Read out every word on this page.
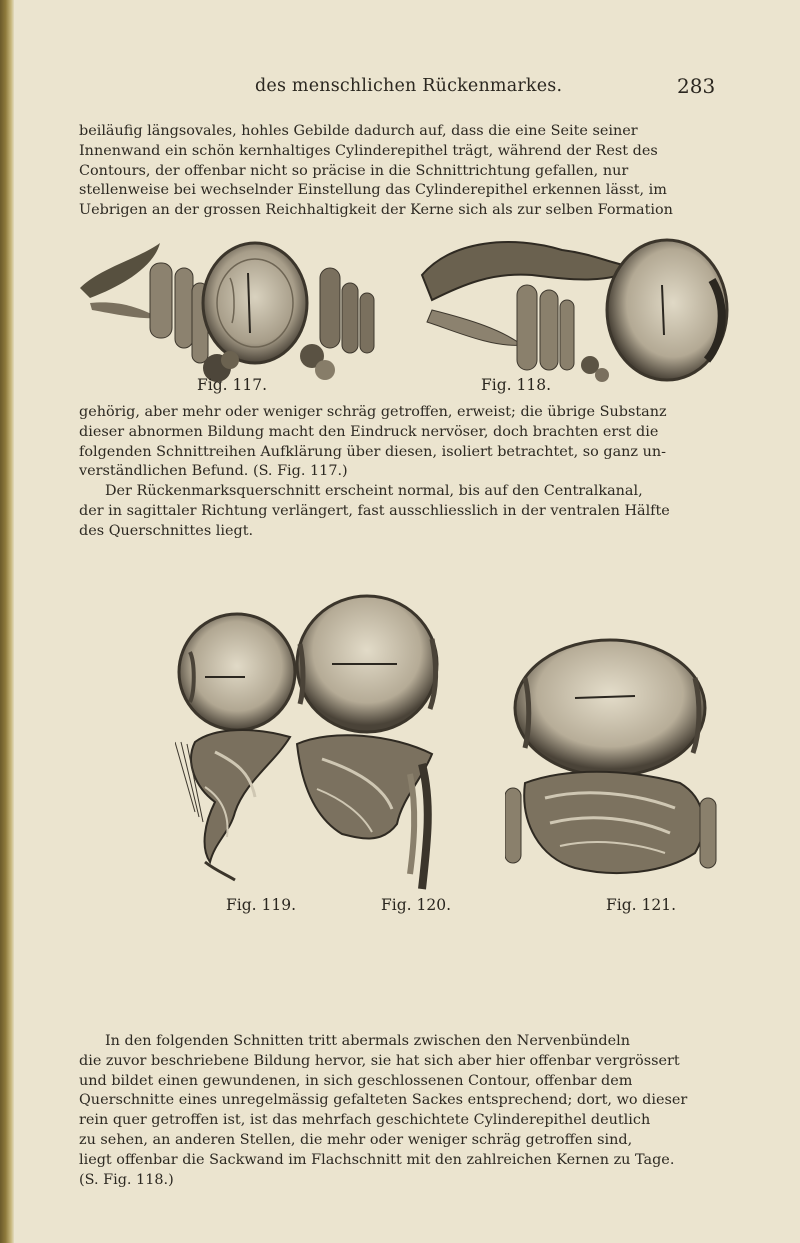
des menschlichen Rückenmarkes.	283

beiläufig längsovales, hohles Gebilde dadurch auf, dass die eine Seite seiner
Innenwand ein schön kernhaltiges Cylinderepithel trägt, während der Rest des
Contours, der offenbar nicht so präcise in die Schnittrichtung gefallen, nur
stellenweise bei wechselnder Einstellung das Cylinderepithel erkennen lässt, im
Uebrigen an der grossen Reichhaltigkeit der Kerne sich als zur selben Formation

Fig. 117.	Fig. 118.

gehörig, aber mehr oder weniger schräg getroffen, erweist; die übrige Substanz
dieser abnormen Bildung macht den Eindruck nervöser, doch brachten erst die
folgenden Schnittreihen Aufklärung über diesen, isoliert betrachtet, so ganz un-
verständlichen Befund. (S. Fig. 117.)
Der Rückenmarksquerschnitt erscheint normal, bis auf den Centralkanal,
der in sagittaler Richtung verlängert, fast ausschliesslich in der ventralen Hälfte
des Querschnittes liegt.

Fig. 119.	Fig. 120.	Fig. 121.

In den folgenden Schnitten tritt abermals zwischen den Nervenbündeln
die zuvor beschriebene Bildung hervor, sie hat sich aber hier offenbar vergrössert
und bildet einen gewundenen, in sich geschlossenen Contour, offenbar dem
Querschnitte eines unregelmässig gefalteten Sackes entsprechend; dort, wo dieser
rein quer getroffen ist, ist das mehrfach geschichtete Cylinderepithel deutlich
zu sehen, an anderen Stellen, die mehr oder weniger schräg getroffen sind,
liegt offenbar die Sackwand im Flachschnitt mit den zahlreichen Kernen zu Tage.
(S. Fig. 118.)
